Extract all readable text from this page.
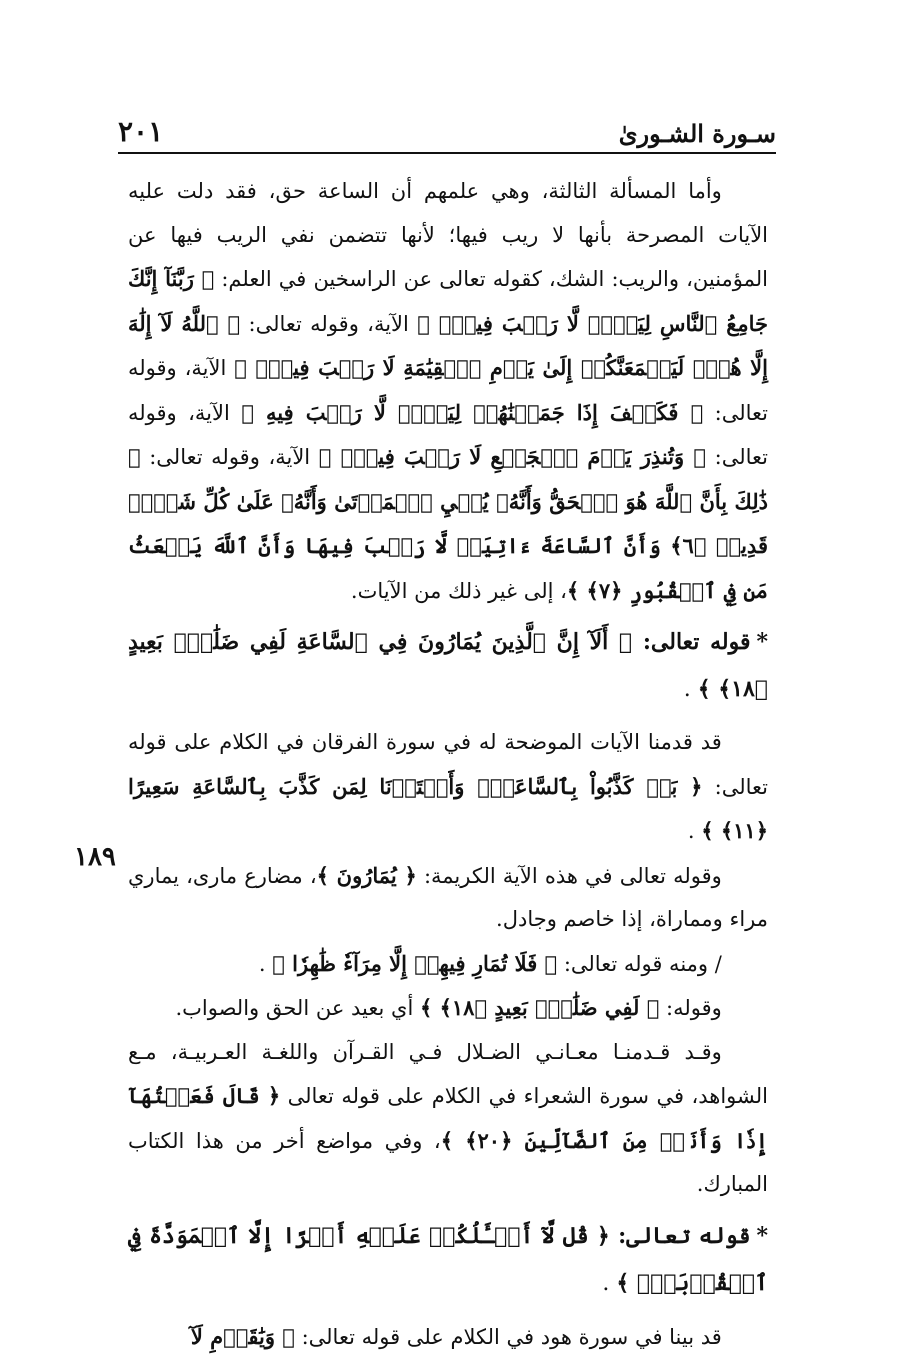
سـورة الشـورىٰ
٢٠١
١٨٩

وأما المسألة الثالثة، وهي علمهم أن الساعة حق، فقد دلت عليه الآيات المصرحة بأنها لا ريب فيها؛ لأنها تتضمن نفي الريب فيها عن المؤمنين، والريب: الشك، كقوله تعالى عن الراسخين في العلم: ﴿ رَبَّنَآ إِنَّكَ جَامِعُ ٱلنَّاسِ لِيَوۡمٖ لَّا رَيۡبَ فِيهِۚ ﴾ الآية، وقوله تعالى: ﴿ ٱللَّهُ لَآ إِلَٰهَ إِلَّا هُوَۚ لَيَجۡمَعَنَّكُمۡ إِلَىٰ يَوۡمِ ٱلۡقِيَٰمَةِ لَا رَيۡبَ فِيهِۗ ﴾ الآية، وقوله تعالى: ﴿ فَكَيۡفَ إِذَا جَمَعۡنَٰهُمۡ لِيَوۡمٖ لَّا رَيۡبَ فِيهِ ﴾ الآية، وقوله تعالى: ﴿ وَتُنذِرَ يَوۡمَ ٱلۡجَمۡعِ لَا رَيۡبَ فِيهِۚ ﴾ الآية، وقوله تعالى: ﴿ ذَٰلِكَ بِأَنَّ ٱللَّهَ هُوَ ٱلۡحَقُّ وَأَنَّهُۥ يُحۡيِ ٱلۡمَوۡتَىٰ وَأَنَّهُۥ عَلَىٰ كُلِّ شَيۡءٖ قَدِيرٞ ﴿٦﴾ وَأَنَّ ٱلسَّاعَةَ ءَاتِيَةٞ لَّا رَيۡبَ فِيهَا وَأَنَّ ٱللَّهَ يَبۡعَثُ مَن فِي ٱلۡقُبُورِ ﴿٧﴾ ﴾، إلى غير ذلك من الآيات.

*قوله تعالى: ﴿ أَلَآ إِنَّ ٱلَّذِينَ يُمَارُونَ فِي ٱلسَّاعَةِ لَفِي ضَلَٰلِۭ بَعِيدٍ ﴿١٨﴾ ﴾ .

قد قدمنا الآيات الموضحة له في سورة الفرقان في الكلام على قوله تعالى: ﴿ بَلۡ كَذَّبُواْ بِٱلسَّاعَةِۖ وَأَعۡتَدۡنَا لِمَن كَذَّبَ بِٱلسَّاعَةِ سَعِيرًا ﴿١١﴾ ﴾ .

وقوله تعالى في هذه الآية الكريمة: ﴿ يُمَارُونَ ﴾، مضارع مارى، يماري مراء ومماراة، إذا خاصم وجادل.

/ ومنه قوله تعالى: ﴿ فَلَا تُمَارِ فِيهِمۡ إِلَّا مِرَآءٗ ظَٰهِرٗا ﴾ .

وقوله: ﴿ لَفِي ضَلَٰلِۭ بَعِيدٍ ﴿١٨﴾ ﴾ أي بعيد عن الحق والصواب.

وقـد قـدمنـا معـانـي الضـلال فـي القـرآن واللغـة العـربيـة، مـع الشواهد، في سورة الشعراء في الكلام على قوله تعالى ﴿ قَالَ فَعَلۡتُهَآ إِذٗا وَأَنَا۠ مِنَ ٱلضَّآلِّينَ ﴿٢٠﴾ ﴾، وفي مواضع أخر من هذا الكتاب المبارك.

*قوله تعالى: ﴿ قُل لَّآ أَسۡـَٔلُكُمۡ عَلَيۡهِ أَجۡرًا إِلَّا ٱلۡمَوَدَّةَ فِي ٱلۡقُرۡبَىٰۗ ﴾ .

قد بينا في سورة هود في الكلام على قوله تعالى: ﴿ وَيَٰقَوۡمِ لَآ
